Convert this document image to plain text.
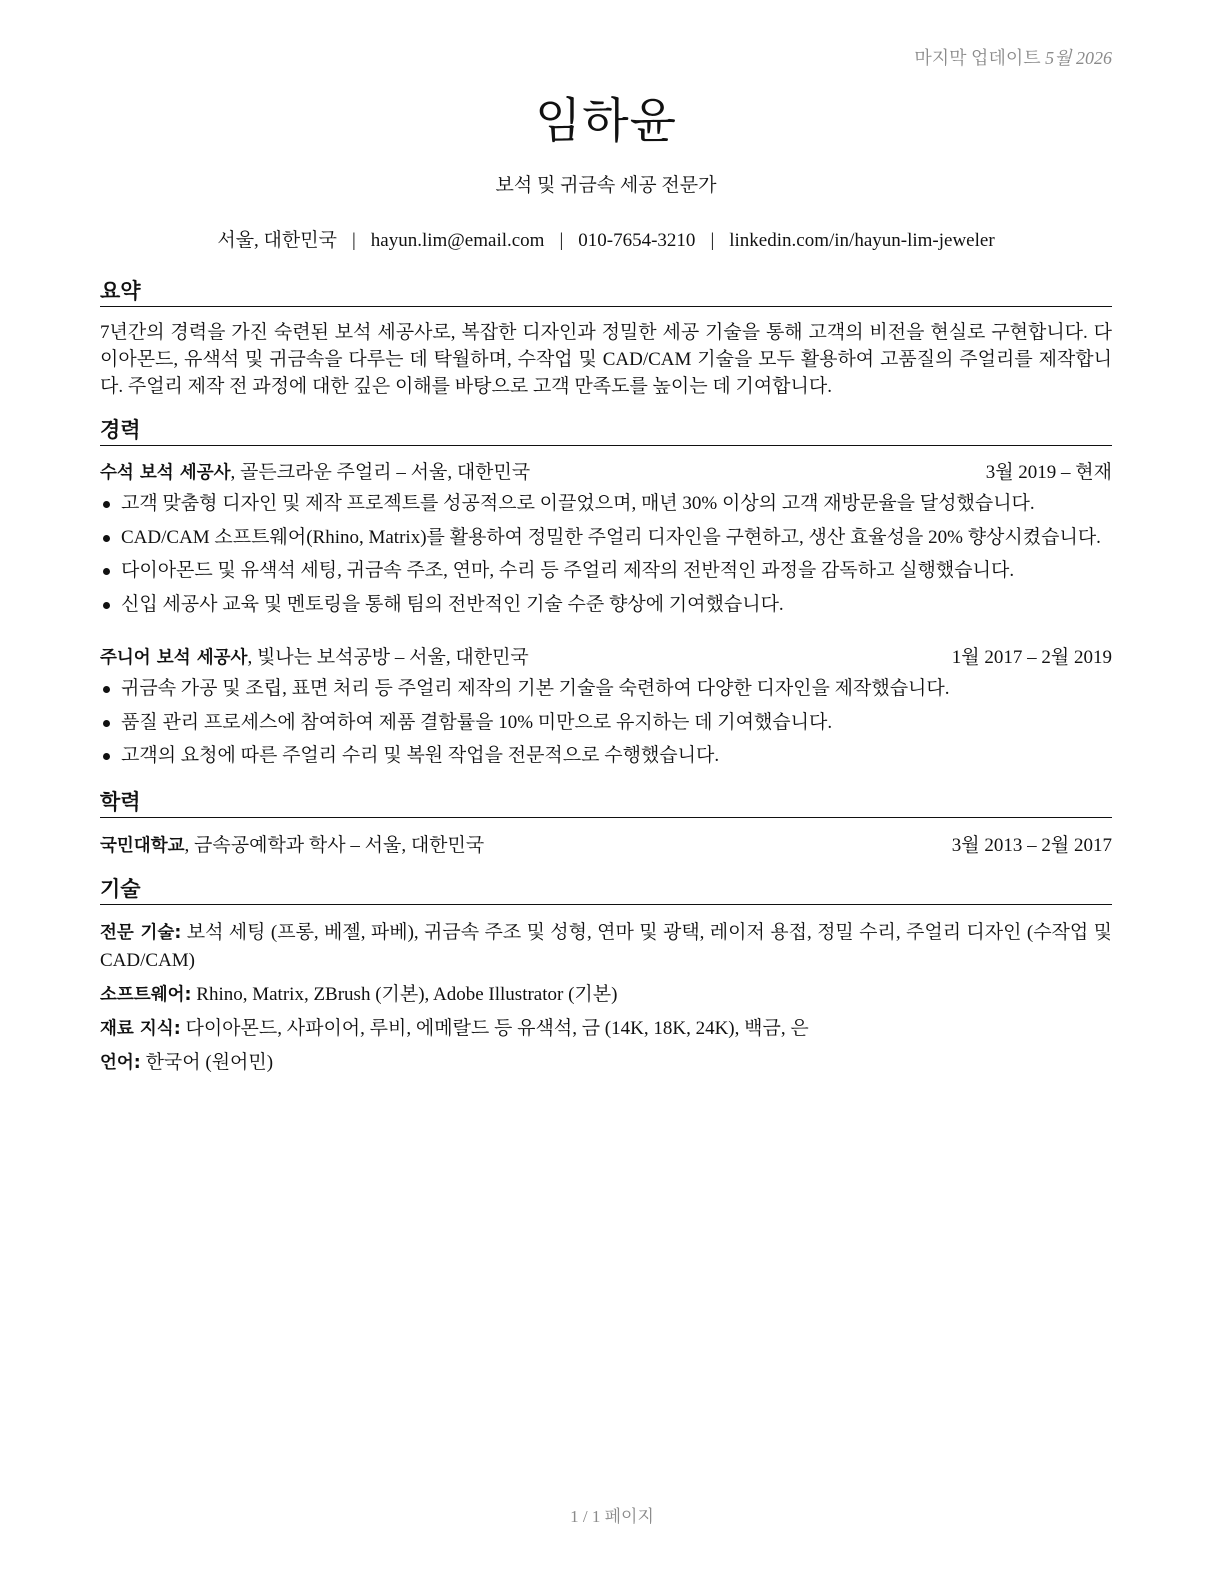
마지막 업데이트 5월 2026
임하윤
보석 및 귀금속 세공 전문가
서울, 대한민국 | hayun.lim@email.com | 010-7654-3210 | linkedin.com/in/hayun-lim-jeweler
요약
7년간의 경력을 가진 숙련된 보석 세공사로, 복잡한 디자인과 정밀한 세공 기술을 통해 고객의 비전을 현실로 구현합니다. 다이아몬드, 유색석 및 귀금속을 다루는 데 탁월하며, 수작업 및 CAD/CAM 기술을 모두 활용하여 고품질의 주얼리를 제작합니다. 주얼리 제작 전 과정에 대한 깊은 이해를 바탕으로 고객 만족도를 높이는 데 기여합니다.
경력
수석 보석 세공사, 골든크라운 주얼리 – 서울, 대한민국	3월 2019 – 현재
고객 맞춤형 디자인 및 제작 프로젝트를 성공적으로 이끌었으며, 매년 30% 이상의 고객 재방문율을 달성했습니다.
CAD/CAM 소프트웨어(Rhino, Matrix)를 활용하여 정밀한 주얼리 디자인을 구현하고, 생산 효율성을 20% 향상시켰습니다.
다이아몬드 및 유색석 세팅, 귀금속 주조, 연마, 수리 등 주얼리 제작의 전반적인 과정을 감독하고 실행했습니다.
신입 세공사 교육 및 멘토링을 통해 팀의 전반적인 기술 수준 향상에 기여했습니다.
주니어 보석 세공사, 빛나는 보석공방 – 서울, 대한민국	1월 2017 – 2월 2019
귀금속 가공 및 조립, 표면 처리 등 주얼리 제작의 기본 기술을 숙련하여 다양한 디자인을 제작했습니다.
품질 관리 프로세스에 참여하여 제품 결함률을 10% 미만으로 유지하는 데 기여했습니다.
고객의 요청에 따른 주얼리 수리 및 복원 작업을 전문적으로 수행했습니다.
학력
국민대학교, 금속공예학과 학사 – 서울, 대한민국	3월 2013 – 2월 2017
기술
전문 기술: 보석 세팅 (프롱, 베젤, 파베), 귀금속 주조 및 성형, 연마 및 광택, 레이저 용접, 정밀 수리, 주얼리 디자인 (수작업 및 CAD/CAM)
소프트웨어: Rhino, Matrix, ZBrush (기본), Adobe Illustrator (기본)
재료 지식: 다이아몬드, 사파이어, 루비, 에메랄드 등 유색석, 금 (14K, 18K, 24K), 백금, 은
언어: 한국어 (원어민)
1 / 1 페이지
